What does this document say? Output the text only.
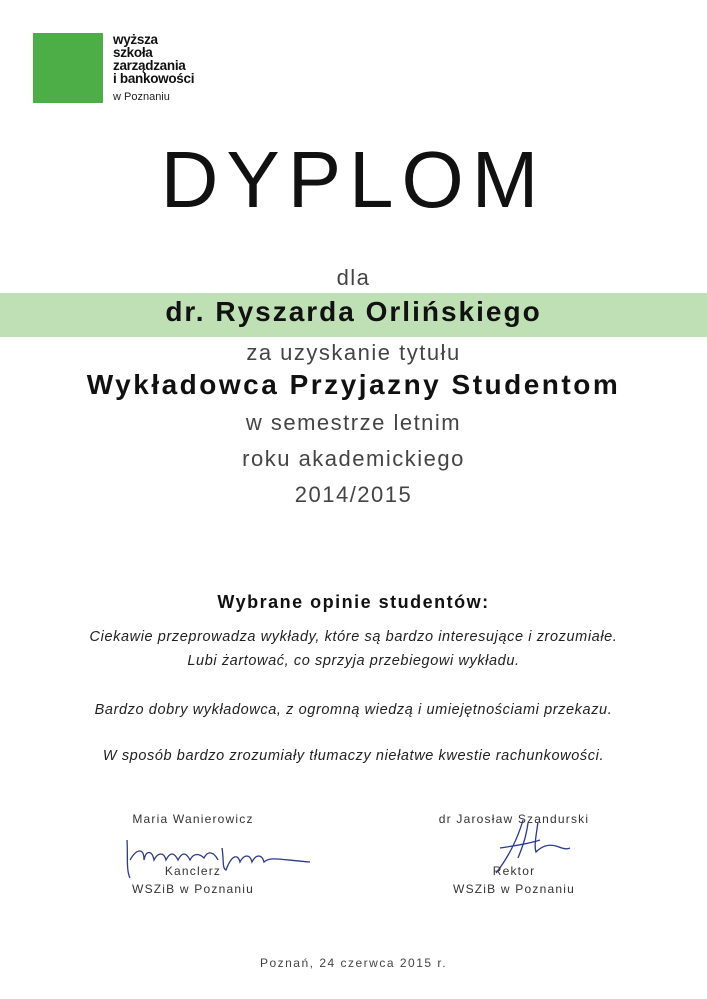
wyższa
szkoła
zarządzania
i bankowości
w Poznaniu
DYPLOM
dla
dr. Ryszarda Orlińskiego
za uzyskanie tytułu
Wykładowca Przyjazny Studentom
w semestrze letnim
roku akademickiego
2014/2015
Wybrane opinie studentów:
Ciekawie przeprowadza wykłady, które są bardzo interesujące i zrozumiałe.
Lubi żartować, co sprzyja przebiegowi wykładu.
Bardzo dobry wykładowca, z ogromną wiedzą i umiejętnościami przekazu.
W sposób bardzo zrozumiały tłumaczy niełatwe kwestie rachunkowości.
Maria Wanierowicz
Kanclerz
WSZiB w Poznaniu
dr Jarosław Szandurski
Rektor
WSZiB w Poznaniu
Poznań, 24 czerwca 2015 r.
